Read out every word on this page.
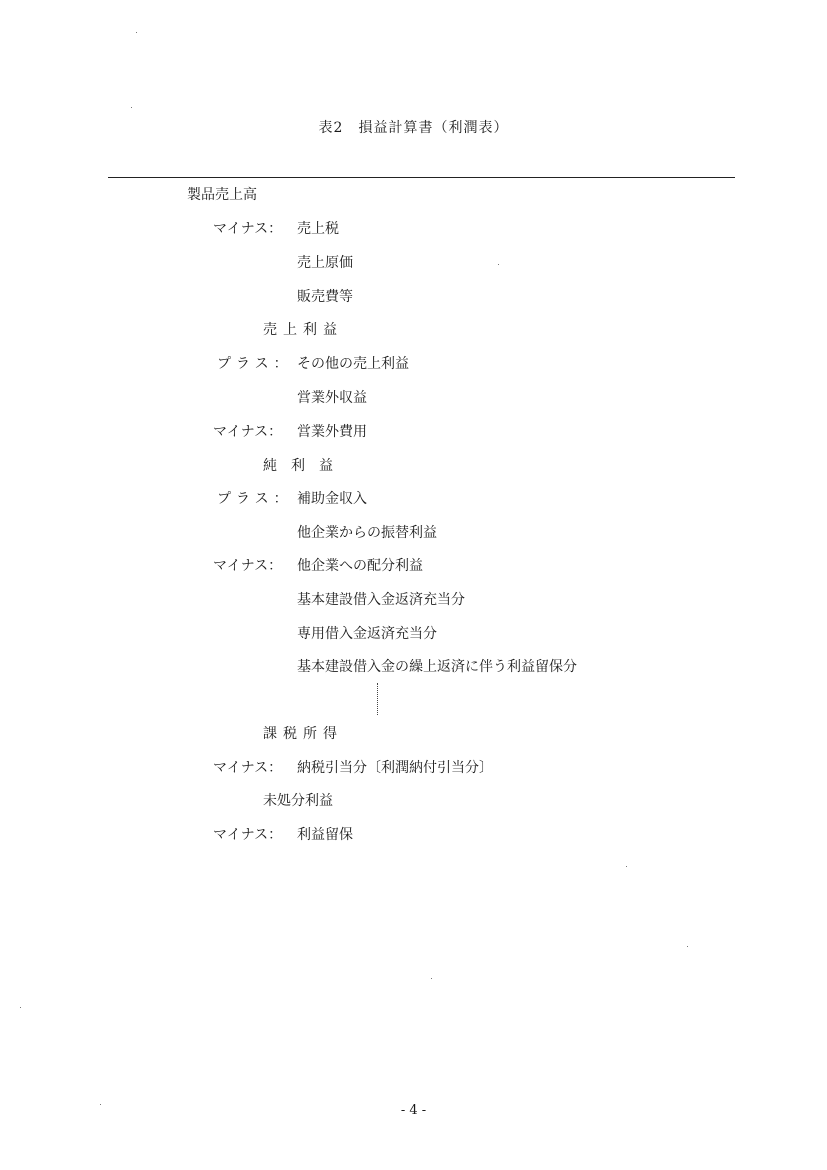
表2　損益計算書（利潤表）
製品売上高
マイナス： 売上税
売上原価
販売費等
売上利益
プラス： その他の売上利益
営業外収益
マイナス： 営業外費用
純利益
プラス： 補助金収入
他企業からの振替利益
マイナス： 他企業への配分利益
基本建設借入金返済充当分
専用借入金返済充当分
基本建設借入金の繰上返済に伴う利益留保分
課税所得
マイナス： 納税引当分〔利潤納付引当分〕
未処分利益
マイナス： 利益留保
- 4 -
